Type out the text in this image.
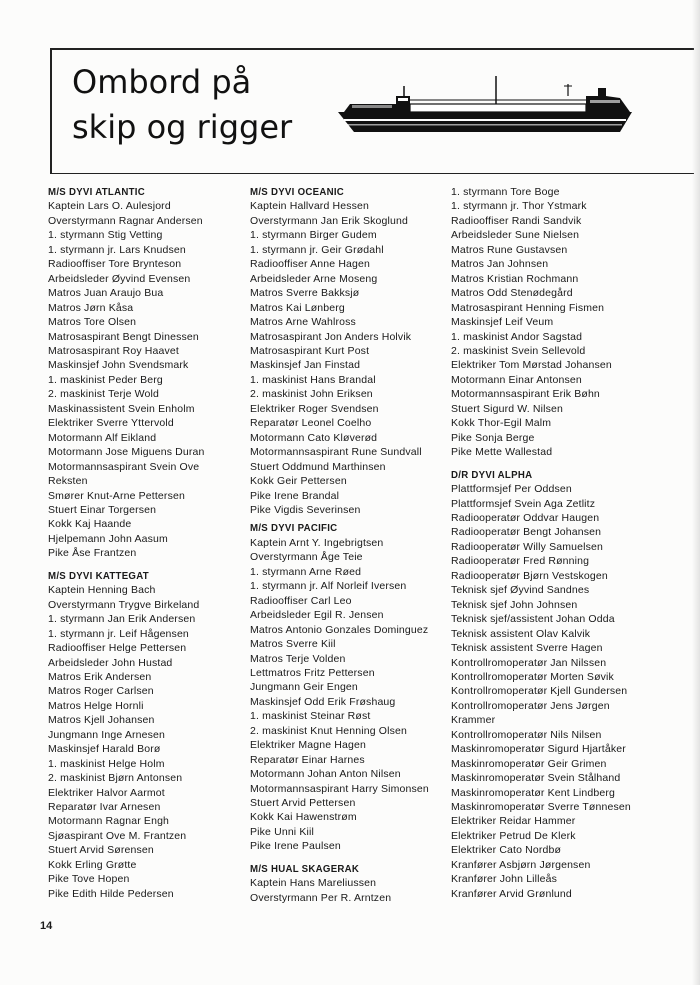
Ombord på
skip og rigger
M/S DYVI ATLANTIC
Kaptein Lars O. Aulesjord
Overstyrmann Ragnar Andersen
1. styrmann Stig Vetting
1. styrmann jr. Lars Knudsen
Radiooffiser Tore Brynteson
Arbeidsleder Øyvind Evensen
Matros Juan Araujo Bua
Matros Jørn Kåsa
Matros Tore Olsen
Matrosaspirant Bengt Dinessen
Matrosaspirant Roy Haavet
Maskinsjef John Svendsmark
1. maskinist Peder Berg
2. maskinist Terje Wold
Maskinassistent Svein Enholm
Elektriker Sverre Yttervold
Motormann Alf Eikland
Motormann Jose Miguens Duran
Motormannsaspirant Svein Ove
Reksten
Smører Knut-Arne Pettersen
Stuert Einar Torgersen
Kokk Kaj Haande
Hjelpemann John Aasum
Pike Åse Frantzen
M/S DYVI KATTEGAT
Kaptein Henning Bach
Overstyrmann Trygve Birkeland
1. styrmann Jan Erik Andersen
1. styrmann jr. Leif Hågensen
Radiooffiser Helge Pettersen
Arbeidsleder John Hustad
Matros Erik Andersen
Matros Roger Carlsen
Matros Helge Hornli
Matros Kjell Johansen
Jungmann Inge Arnesen
Maskinsjef Harald Borø
1. maskinist Helge Holm
2. maskinist Bjørn Antonsen
Elektriker Halvor Aarmot
Reparatør Ivar Arnesen
Motormann Ragnar Engh
Sjøaspirant Ove M. Frantzen
Stuert Arvid Sørensen
Kokk Erling Grøtte
Pike Tove Hopen
Pike Edith Hilde Pedersen
M/S DYVI OCEANIC
Kaptein Hallvard Hessen
Overstyrmann Jan Erik Skoglund
1. styrmann Birger Gudem
1. styrmann jr. Geir Grødahl
Radiooffiser Anne Hagen
Arbeidsleder Arne Moseng
Matros Sverre Bakksjø
Matros Kai Lønberg
Matros Arne Wahlross
Matrosaspirant Jon Anders Holvik
Matrosaspirant Kurt Post
Maskinsjef Jan Finstad
1. maskinist Hans Brandal
2. maskinist John Eriksen
Elektriker Roger Svendsen
Reparatør Leonel Coelho
Motormann Cato Kløverød
Motormannsaspirant Rune Sundvall
Stuert Oddmund Marthinsen
Kokk Geir Pettersen
Pike Irene Brandal
Pike Vigdis Severinsen
M/S DYVI PACIFIC
Kaptein Arnt Y. Ingebrigtsen
Overstyrmann Åge Teie
1. styrmann Arne Røed
1. styrmann jr. Alf Norleif Iversen
Radiooffiser Carl Leo
Arbeidsleder Egil R. Jensen
Matros Antonio Gonzales Dominguez
Matros Sverre Kiil
Matros Terje Volden
Lettmatros Fritz Pettersen
Jungmann Geir Engen
Maskinsjef Odd Erik Frøshaug
1. maskinist Steinar Røst
2. maskinist Knut Henning Olsen
Elektriker Magne Hagen
Reparatør Einar Harnes
Motormann Johan Anton Nilsen
Motormannsaspirant Harry Simonsen
Stuert Arvid Pettersen
Kokk Kai Hawenstrøm
Pike Unni Kiil
Pike Irene Paulsen
M/S HUAL SKAGERAK
Kaptein Hans Mareliussen
Overstyrmann Per R. Arntzen
1. styrmann Tore Boge
1. styrmann jr. Thor Ystmark
Radiooffiser Randi Sandvik
Arbeidsleder Sune Nielsen
Matros Rune Gustavsen
Matros Jan Johnsen
Matros Kristian Rochmann
Matros Odd Stenødegård
Matrosaspirant Henning Fismen
Maskinsjef Leif Veum
1. maskinist Andor Sagstad
2. maskinist Svein Sellevold
Elektriker Tom Mørstad Johansen
Motormann Einar Antonsen
Motormannsaspirant Erik Bøhn
Stuert Sigurd W. Nilsen
Kokk Thor-Egil Malm
Pike Sonja Berge
Pike Mette Wallestad
D/R DYVI ALPHA
Plattformsjef Per Oddsen
Plattformsjef Svein Aga Zetlitz
Radiooperatør Oddvar Haugen
Radiooperatør Bengt Johansen
Radiooperatør Willy Samuelsen
Radiooperatør Fred Rønning
Radiooperatør Bjørn Vestskogen
Teknisk sjef Øyvind Sandnes
Teknisk sjef John Johnsen
Teknisk sjef/assistent Johan Odda
Teknisk assistent Olav Kalvik
Teknisk assistent Sverre Hagen
Kontrollromoperatør Jan Nilssen
Kontrollromoperatør Morten Søvik
Kontrollromoperatør Kjell Gundersen
Kontrollromoperatør Jens Jørgen
Krammer
Kontrollromoperatør Nils Nilsen
Maskinromoperatør Sigurd Hjartåker
Maskinromoperatør Geir Grimen
Maskinromoperatør Svein Stålhand
Maskinromoperatør Kent Lindberg
Maskinromoperatør Sverre Tønnesen
Elektriker Reidar Hammer
Elektriker Petrud De Klerk
Elektriker Cato Nordbø
Kranfører Asbjørn Jørgensen
Kranfører John Lilleås
Kranfører Arvid Grønlund
14
